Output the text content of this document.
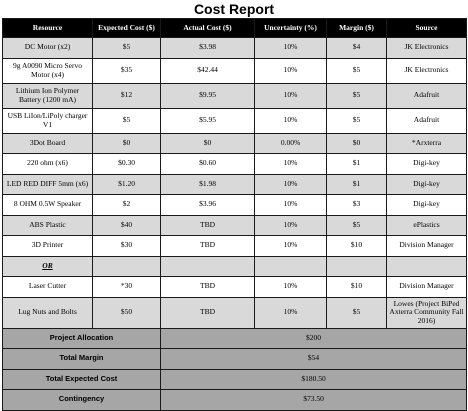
Cost Report
Resource	Expected Cost ($)	Actual Cost ($)	Uncertainty (%)	Margin ($)	Source
DC Motor (x2)	$5	$3.98	10%	$4	JK Electronics
9g A0090 Micro Servo Motor (x4)	$35	$42.44	10%	$5	JK Electronics
Lithium Ion Polymer Battery (1200 mA)	$12	$9.95	10%	$5	Adafruit
USB LiIon/LiPoly charger V1	$5	$5.95	10%	$5	Adafruit
3Dot Board	$0	$0	0.00%	$0	*Arxterra
220 ohm (x6)	$0.30	$0.60	10%	$1	Digi-key
LED RED DIFF 5mm (x6)	$1.20	$1.98	10%	$1	Digi-key
8 OHM 0.5W Speaker	$2	$3.96	10%	$3	Digi-key
ABS Plastic	$40	TBD	10%	$5	ePlastics
3D Printer	$30	TBD	10%	$10	Division Manager
OR					
Laser Cutter	*30	TBD	10%	$10	Division Manager
Lug Nuts and Bolts	$50	TBD	10%	$5	Lowes (Project BiPed Axterra Community Fall 2016)
Project Allocation		$200			
Total Margin		$54			
Total Expected Cost		$180.50			
Contingency		$73.50			
